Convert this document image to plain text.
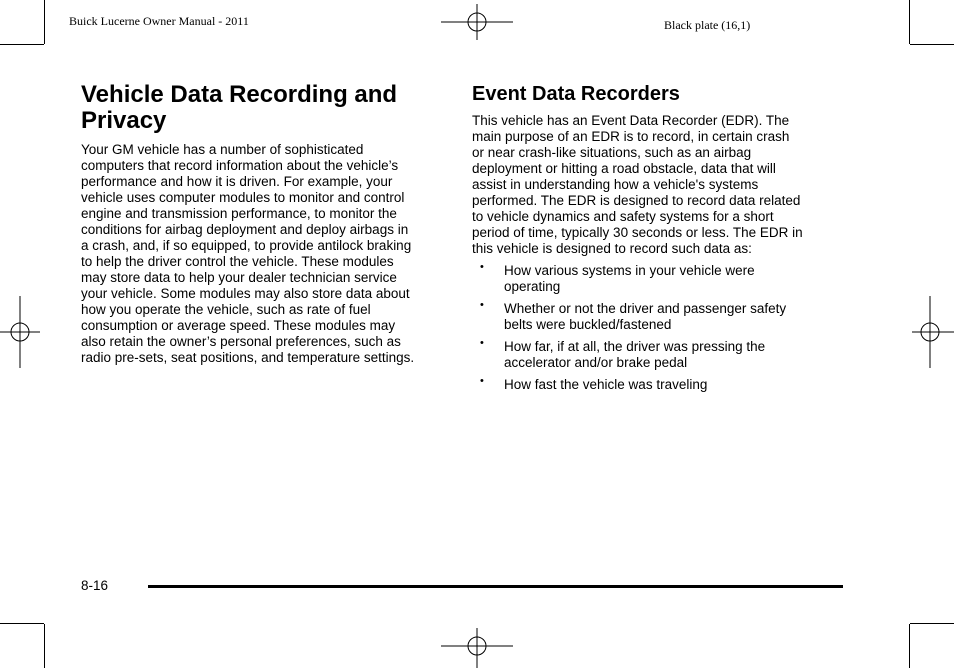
Buick Lucerne Owner Manual - 2011	Black plate (16,1)
Vehicle Data Recording and
Privacy
Your GM vehicle has a number of sophisticated
computers that record information about the vehicle’s
performance and how it is driven. For example, your
vehicle uses computer modules to monitor and control
engine and transmission performance, to monitor the
conditions for airbag deployment and deploy airbags in
a crash, and, if so equipped, to provide antilock braking
to help the driver control the vehicle. These modules
may store data to help your dealer technician service
your vehicle. Some modules may also store data about
how you operate the vehicle, such as rate of fuel
consumption or average speed. These modules may
also retain the owner’s personal preferences, such as
radio pre-sets, seat positions, and temperature settings.
Event Data Recorders
This vehicle has an Event Data Recorder (EDR). The
main purpose of an EDR is to record, in certain crash
or near crash-like situations, such as an airbag
deployment or hitting a road obstacle, data that will
assist in understanding how a vehicle's systems
performed. The EDR is designed to record data related
to vehicle dynamics and safety systems for a short
period of time, typically 30 seconds or less. The EDR in
this vehicle is designed to record such data as:
• How various systems in your vehicle were
operating
• Whether or not the driver and passenger safety
belts were buckled/fastened
• How far, if at all, the driver was pressing the
accelerator and/or brake pedal
• How fast the vehicle was traveling
8-16
